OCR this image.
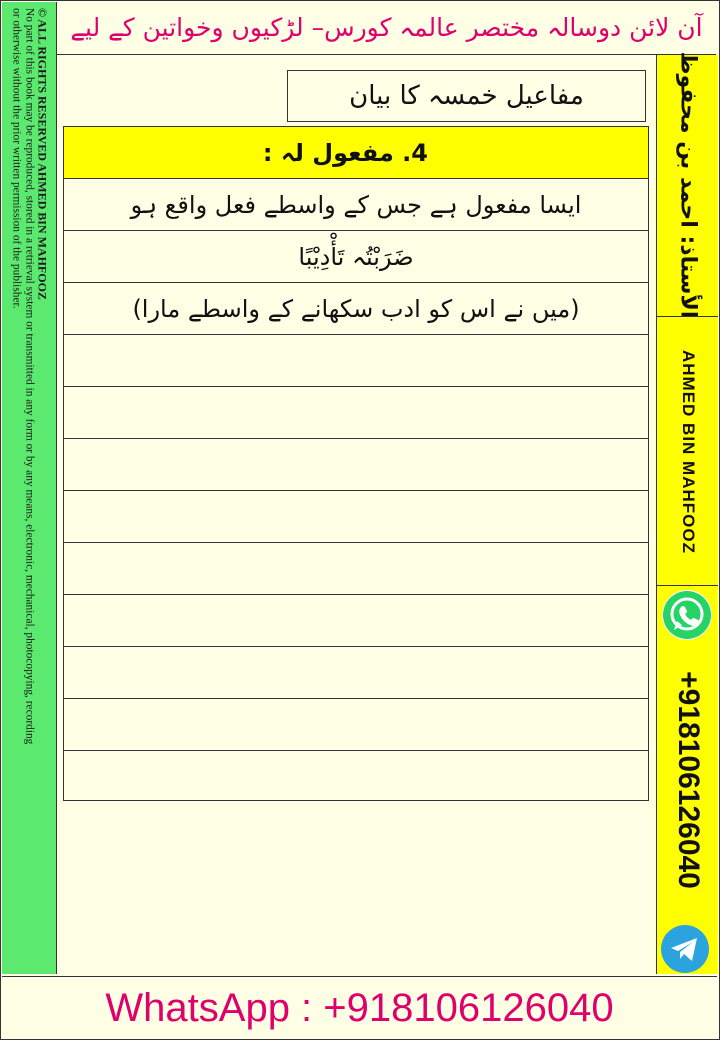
آن لائن دوسالہ مختصر عالمہ کورس– لڑکیوں وخواتین کے لیے
© ALL RIGHTS RESERVED AHMED BIN MAHFOOZ
No part of this book may be reproduced, stored in a retrieval system or transmitted in any form or by any means, electronic, mechanical, photocopying, recording
or otherwise without the prior written permission of the publisher.	الأستاذ: احمد بن محفوظ
AHMED BIN MAHFOOZ
+918106126040
مفاعیل خمسہ کا بیان
4. مفعول لہ :
ایسا مفعول ہے جس کے واسطے فعل واقع ہو
ضَرَبْتُہ تَأْدِيْبًا
(میں نے اس کو ادب سکھانے کے واسطے مارا)
WhatsApp : +918106126040
